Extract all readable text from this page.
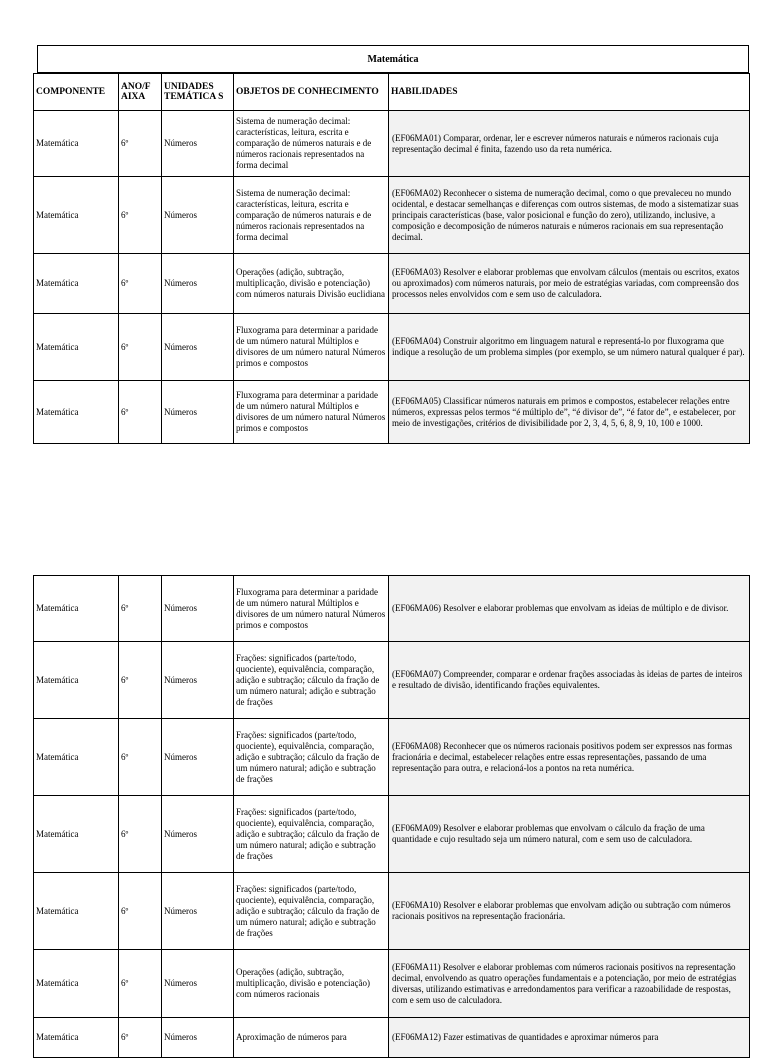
Matemática
COMPONENTE	ANO/F AIXA	UNIDADES TEMÁTICA S	OBJETOS DE CONHECIMENTO	HABILIDADES
Matemática	6º	Números	Sistema de numeração decimal: características, leitura, escrita e comparação de números naturais e de números racionais representados na forma decimal	(EF06MA01) Comparar, ordenar, ler e escrever números naturais e números racionais cuja representação decimal é finita, fazendo uso da reta numérica.
Matemática	6º	Números	Sistema de numeração decimal: características, leitura, escrita e comparação de números naturais e de números racionais representados na forma decimal	(EF06MA02) Reconhecer o sistema de numeração decimal, como o que prevaleceu no mundo ocidental, e destacar semelhanças e diferenças com outros sistemas, de modo a sistematizar suas principais características (base, valor posicional e função do zero), utilizando, inclusive, a composição e decomposição de números naturais e números racionais em sua representação decimal.
Matemática	6º	Números	Operações (adição, subtração, multiplicação, divisão e potenciação) com números naturais Divisão euclidiana	(EF06MA03) Resolver e elaborar problemas que envolvam cálculos (mentais ou escritos, exatos ou aproximados) com números naturais, por meio de estratégias variadas, com compreensão dos processos neles envolvidos com e sem uso de calculadora.
Matemática	6º	Números	Fluxograma para determinar a paridade de um número natural Múltiplos e divisores de um número natural Números primos e compostos	(EF06MA04) Construir algoritmo em linguagem natural e representá-lo por fluxograma que indique a resolução de um problema simples (por exemplo, se um número natural qualquer é par).
Matemática	6º	Números	Fluxograma para determinar a paridade de um número natural Múltiplos e divisores de um número natural Números primos e compostos	(EF06MA05) Classificar números naturais em primos e compostos, estabelecer relações entre números, expressas pelos termos “é múltiplo de”, “é divisor de”, “é fator de”, e estabelecer, por meio de investigações, critérios de divisibilidade por 2, 3, 4, 5, 6, 8, 9, 10, 100 e 1000.
Matemática	6º	Números	Fluxograma para determinar a paridade de um número natural Múltiplos e divisores de um número natural Números primos e compostos	(EF06MA06) Resolver e elaborar problemas que envolvam as ideias de múltiplo e de divisor.
Matemática	6º	Números	Frações: significados (parte/todo, quociente), equivalência, comparação, adição e subtração; cálculo da fração de um número natural; adição e subtração de frações	(EF06MA07) Compreender, comparar e ordenar frações associadas às ideias de partes de inteiros e resultado de divisão, identificando frações equivalentes.
Matemática	6º	Números	Frações: significados (parte/todo, quociente), equivalência, comparação, adição e subtração; cálculo da fração de um número natural; adição e subtração de frações	(EF06MA08) Reconhecer que os números racionais positivos podem ser expressos nas formas fracionária e decimal, estabelecer relações entre essas representações, passando de uma representação para outra, e relacioná-los a pontos na reta numérica.
Matemática	6º	Números	Frações: significados (parte/todo, quociente), equivalência, comparação, adição e subtração; cálculo da fração de um número natural; adição e subtração de frações	(EF06MA09) Resolver e elaborar problemas que envolvam o cálculo da fração de uma quantidade e cujo resultado seja um número natural, com e sem uso de calculadora.
Matemática	6º	Números	Frações: significados (parte/todo, quociente), equivalência, comparação, adição e subtração; cálculo da fração de um número natural; adição e subtração de frações	(EF06MA10) Resolver e elaborar problemas que envolvam adição ou subtração com números racionais positivos na representação fracionária.
Matemática	6º	Números	Operações (adição, subtração, multiplicação, divisão e potenciação) com números racionais	(EF06MA11) Resolver e elaborar problemas com números racionais positivos na representação decimal, envolvendo as quatro operações fundamentais e a potenciação, por meio de estratégias diversas, utilizando estimativas e arredondamentos para verificar a razoabilidade de respostas, com e sem uso de calculadora.
Matemática	6º	Números	Aproximação de números para	(EF06MA12) Fazer estimativas de quantidades e aproximar números para
